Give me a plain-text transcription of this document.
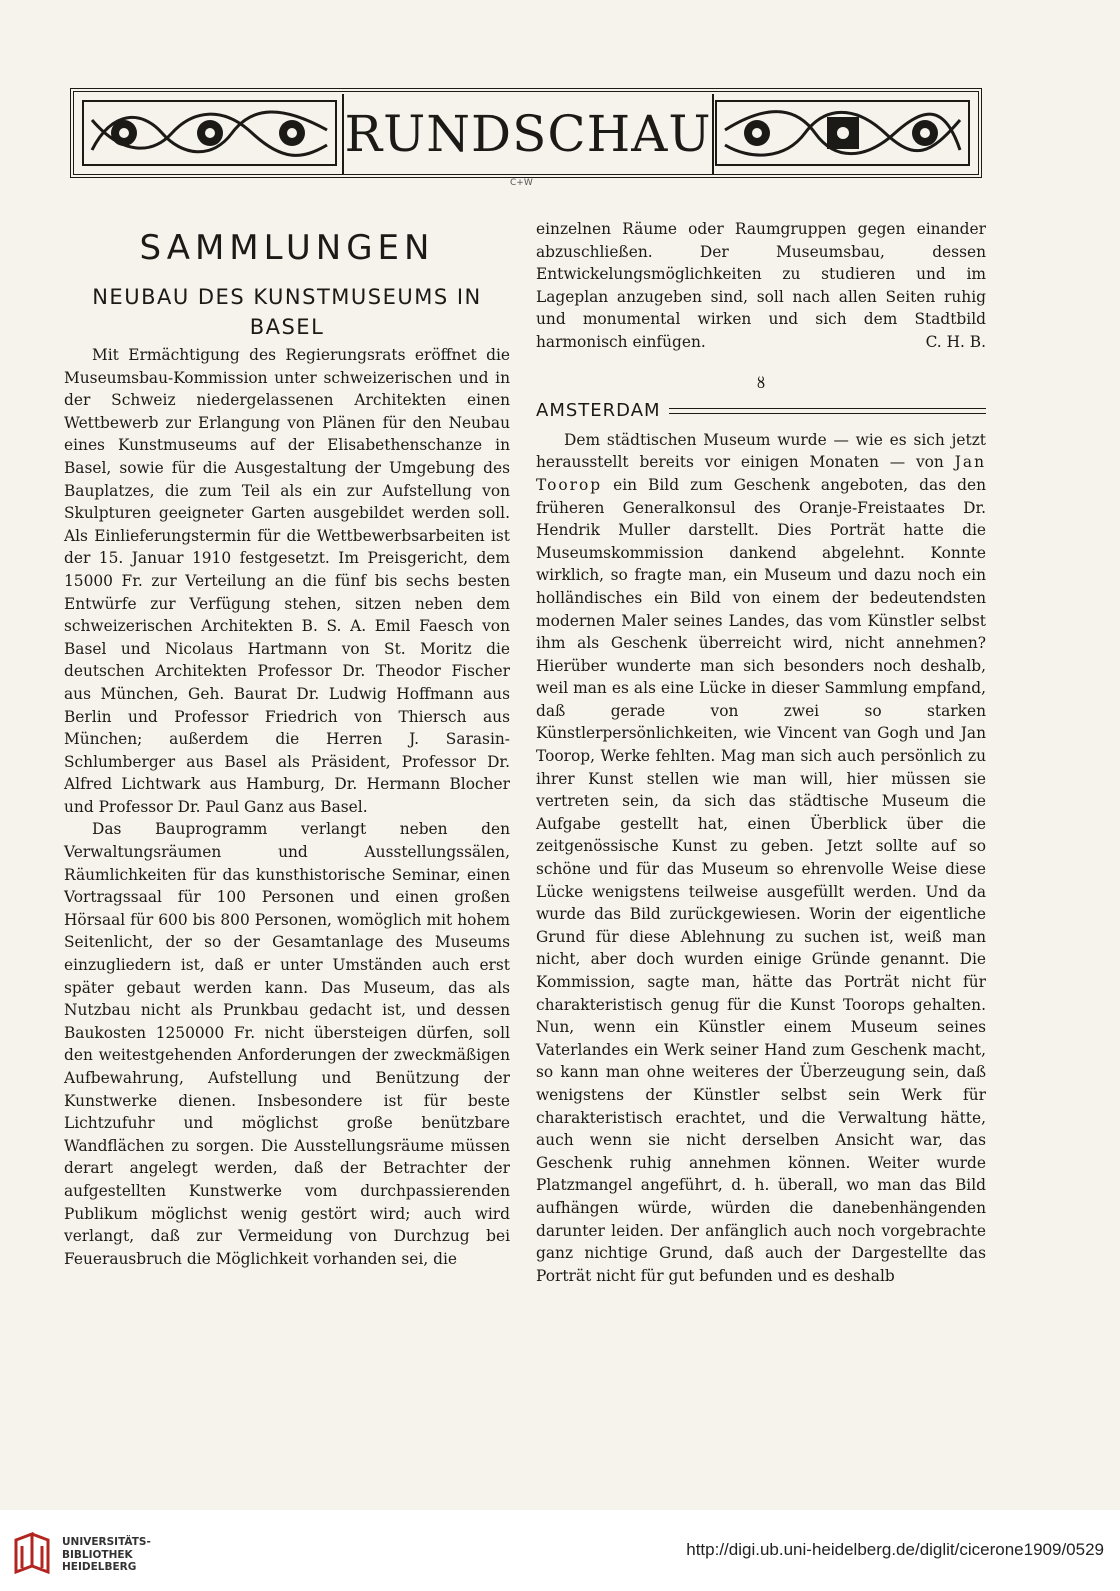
RUNDSCHAU
C+W
SAMMLUNGEN
NEUBAU DES KUNSTMUSEUMS IN BASEL

Mit Ermächtigung des Regierungsrats eröffnet die Museumsbau-Kommission unter schweizerischen und in der Schweiz niedergelassenen Architekten einen Wettbewerb zur Erlangung von Plänen für den Neubau eines Kunstmuseums auf der Elisabethenschanze in Basel, sowie für die Ausgestaltung der Umgebung des Bauplatzes, die zum Teil als ein zur Aufstellung von Skulpturen geeigneter Garten ausgebildet werden soll. Als Einlieferungstermin für die Wettbewerbsarbeiten ist der 15. Januar 1910 festgesetzt. Im Preisgericht, dem 15000 Fr. zur Verteilung an die fünf bis sechs besten Entwürfe zur Verfügung stehen, sitzen neben dem schweizerischen Architekten B. S. A. Emil Faesch von Basel und Nicolaus Hartmann von St. Moritz die deutschen Architekten Professor Dr. Theodor Fischer aus München, Geh. Baurat Dr. Ludwig Hoffmann aus Berlin und Professor Friedrich von Thiersch aus München; außerdem die Herren J. Sarasin-Schlumberger aus Basel als Präsident, Professor Dr. Alfred Lichtwark aus Hamburg, Dr. Hermann Blocher und Professor Dr. Paul Ganz aus Basel.

Das Bauprogramm verlangt neben den Verwaltungsräumen und Ausstellungssälen, Räumlichkeiten für das kunsthistorische Seminar, einen Vortragssaal für 100 Personen und einen großen Hörsaal für 600 bis 800 Personen, womöglich mit hohem Seitenlicht, der so der Gesamtanlage des Museums einzugliedern ist, daß er unter Umständen auch erst später gebaut werden kann. Das Museum, das als Nutzbau nicht als Prunkbau gedacht ist, und dessen Baukosten 1250000 Fr. nicht übersteigen dürfen, soll den weitestgehenden Anforderungen der zweckmäßigen Aufbewahrung, Aufstellung und Benützung der Kunstwerke dienen. Insbesondere ist für beste Lichtzufuhr und möglichst große benützbare Wandflächen zu sorgen. Die Ausstellungsräume müssen derart angelegt werden, daß der Betrachter der aufgestellten Kunstwerke vom durchpassierenden Publikum möglichst wenig gestört wird; auch wird verlangt, daß zur Vermeidung von Durchzug bei Feuerausbruch die Möglichkeit vorhanden sei, die

einzelnen Räume oder Raumgruppen gegen einander abzuschließen. Der Museumsbau, dessen Entwickelungsmöglichkeiten zu studieren und im Lageplan anzugeben sind, soll nach allen Seiten ruhig und monumental wirken und sich dem Stadtbild harmonisch einfügen.	C. H. B.

ȣ
AMSTERDAM

Dem städtischen Museum wurde — wie es sich jetzt herausstellt bereits vor einigen Monaten — von Jan Toorop ein Bild zum Geschenk angeboten, das den früheren Generalkonsul des Oranje-Freistaates Dr. Hendrik Muller darstellt. Dies Porträt hatte die Museumskommission dankend abgelehnt. Konnte wirklich, so fragte man, ein Museum und dazu noch ein holländisches ein Bild von einem der bedeutendsten modernen Maler seines Landes, das vom Künstler selbst ihm als Geschenk überreicht wird, nicht annehmen? Hierüber wunderte man sich besonders noch deshalb, weil man es als eine Lücke in dieser Sammlung empfand, daß gerade von zwei so starken Künstlerpersönlichkeiten, wie Vincent van Gogh und Jan Toorop, Werke fehlten. Mag man sich auch persönlich zu ihrer Kunst stellen wie man will, hier müssen sie vertreten sein, da sich das städtische Museum die Aufgabe gestellt hat, einen Überblick über die zeitgenössische Kunst zu geben. Jetzt sollte auf so schöne und für das Museum so ehrenvolle Weise diese Lücke wenigstens teilweise ausgefüllt werden. Und da wurde das Bild zurückgewiesen. Worin der eigentliche Grund für diese Ablehnung zu suchen ist, weiß man nicht, aber doch wurden einige Gründe genannt. Die Kommission, sagte man, hätte das Porträt nicht für charakteristisch genug für die Kunst Toorops gehalten. Nun, wenn ein Künstler einem Museum seines Vaterlandes ein Werk seiner Hand zum Geschenk macht, so kann man ohne weiteres der Überzeugung sein, daß wenigstens der Künstler selbst sein Werk für charakteristisch erachtet, und die Verwaltung hätte, auch wenn sie nicht derselben Ansicht war, das Geschenk ruhig annehmen können. Weiter wurde Platzmangel angeführt, d. h. überall, wo man das Bild aufhängen würde, würden die danebenhängenden darunter leiden. Der anfänglich auch noch vorgebrachte ganz nichtige Grund, daß auch der Dargestellte das Porträt nicht für gut befunden und es deshalb

UNIVERSITÄTS-
BIBLIOTHEK
HEIDELBERG
http://digi.ub.uni-heidelberg.de/diglit/cicerone1909/0529
